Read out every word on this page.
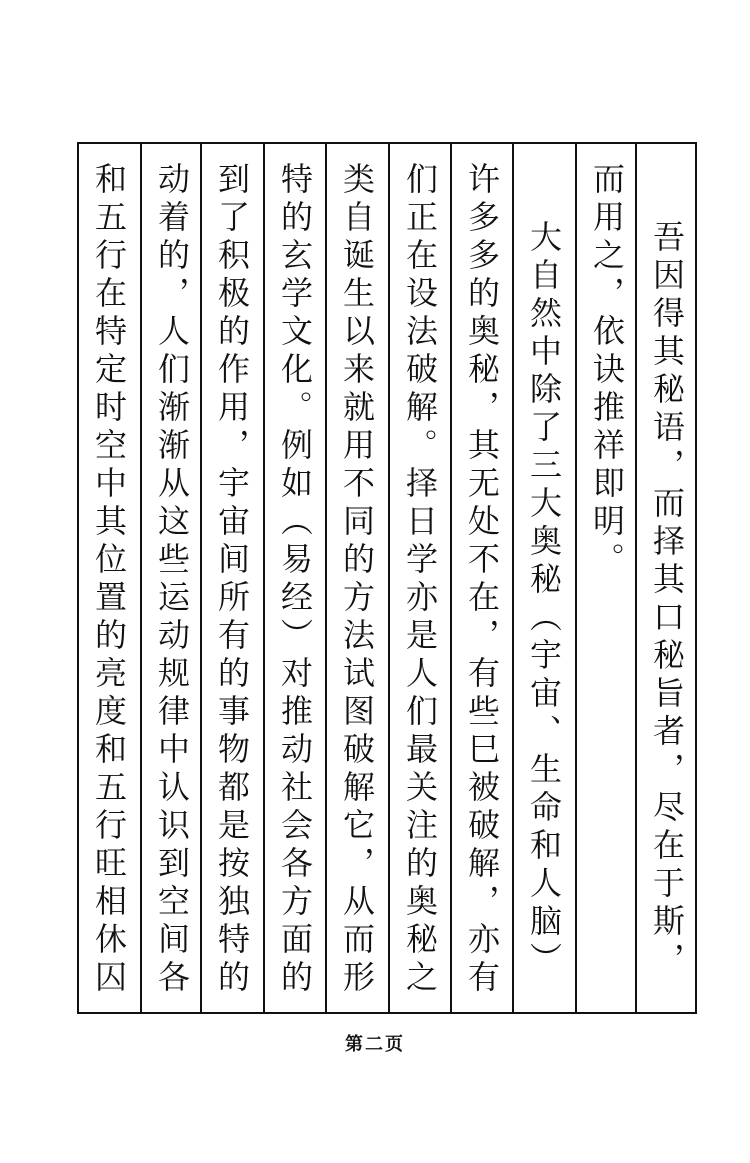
吾因得其秘语，而择其口秘旨者，尽在于斯，
而用之，依诀推祥即明。
大自然中除了三大奥秘（宇宙、生命和人脑）
许多多的奥秘，其无处不在，有些巳被破解，亦有
们正在设法破解。择日学亦是人们最关注的奥秘之
类自诞生以来就用不同的方法试图破解它，从而形
特的玄学文化。例如（易经）对推动社会各方面的
到了积极的作用，宇宙间所有的事物都是按独特的
动着的，人们渐渐从这些运动规律中认识到空间各
和五行在特定时空中其位置的亮度和五行旺相休囚
第二页
